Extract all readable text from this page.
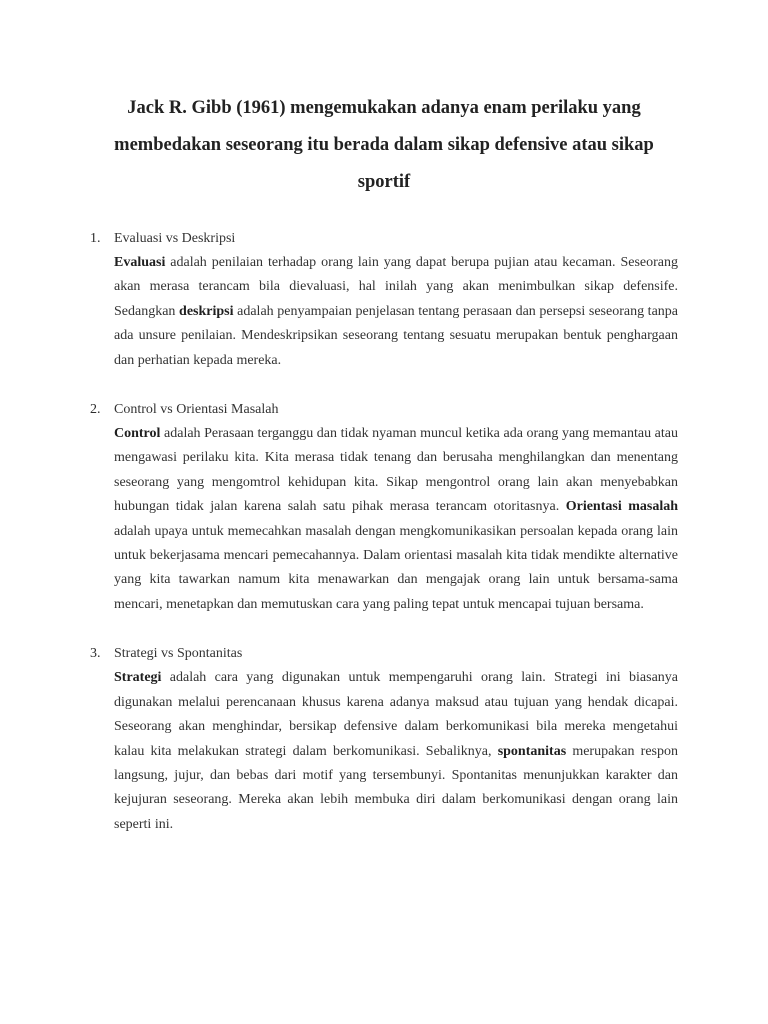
Jack R. Gibb (1961) mengemukakan adanya enam perilaku yang
membedakan seseorang itu berada dalam sikap defensive atau sikap
sportif
1. Evaluasi vs Deskripsi

Evaluasi adalah penilaian terhadap orang lain yang dapat berupa pujian atau kecaman. Seseorang akan merasa terancam bila dievaluasi, hal inilah yang akan menimbulkan sikap defensife. Sedangkan deskripsi adalah penyampaian penjelasan tentang perasaan dan persepsi seseorang tanpa ada unsure penilaian. Mendeskripsikan seseorang tentang sesuatu merupakan bentuk penghargaan dan perhatian kepada mereka.

2. Control vs Orientasi Masalah

Control adalah Perasaan terganggu dan tidak nyaman muncul ketika ada orang yang memantau atau mengawasi perilaku kita. Kita merasa tidak tenang dan berusaha menghilangkan dan menentang seseorang yang mengomtrol kehidupan kita. Sikap mengontrol orang lain akan menyebabkan hubungan tidak jalan karena salah satu pihak merasa terancam otoritasnya. Orientasi masalah adalah upaya untuk memecahkan masalah dengan mengkomunikasikan persoalan kepada orang lain untuk bekerjasama mencari pemecahannya. Dalam orientasi masalah kita tidak mendikte alternative yang kita tawarkan namum kita menawarkan dan mengajak orang lain untuk bersama-sama mencari, menetapkan dan memutuskan cara yang paling tepat untuk mencapai tujuan bersama.

3. Strategi vs Spontanitas

Strategi adalah cara yang digunakan untuk mempengaruhi orang lain. Strategi ini biasanya digunakan melalui perencanaan khusus karena adanya maksud atau tujuan yang hendak dicapai. Seseorang akan menghindar, bersikap defensive dalam berkomunikasi bila mereka mengetahui kalau kita melakukan strategi dalam berkomunikasi. Sebaliknya, spontanitas merupakan respon langsung, jujur, dan bebas dari motif yang tersembunyi. Spontanitas menunjukkan karakter dan kejujuran seseorang. Mereka akan lebih membuka diri dalam berkomunikasi dengan orang lain seperti ini.
